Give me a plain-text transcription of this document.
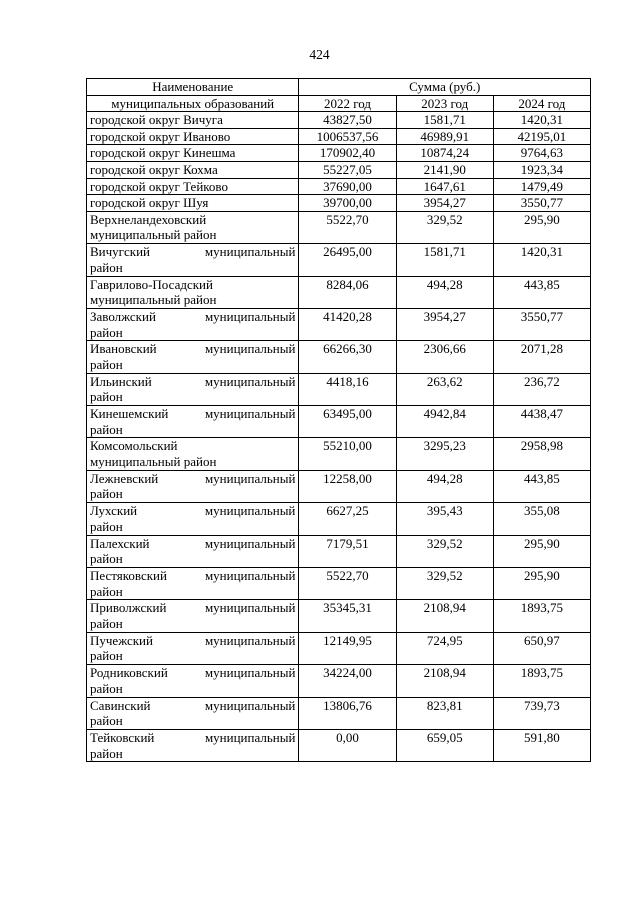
424
Наименование	Сумма (руб.)		
муниципальных образований	2022 год	2023 год	2024 год

городской округ Вичуга	43827,50	1581,71	1420,31

городской округ Иваново	1006537,56	46989,91	42195,01

городской округ Кинешма	170902,40	10874,24	9764,63

городской округ Кохма	55227,05	2141,90	1923,34

городской округ Тейково	37690,00	1647,61	1479,49

городской округ Шуя	39700,00	3954,27	3550,77

Верхнеландеховский
муниципальный район	5522,70	329,52	295,90

Вичугский муниципальный
район	26495,00	1581,71	1420,31

Гаврилово-Посадский
муниципальный район	8284,06	494,28	443,85

Заволжский муниципальный
район	41420,28	3954,27	3550,77

Ивановский муниципальный
район	66266,30	2306,66	2071,28

Ильинский муниципальный
район	4418,16	263,62	236,72

Кинешемский муниципальный
район	63495,00	4942,84	4438,47

Комсомольский
муниципальный район	55210,00	3295,23	2958,98

Лежневский муниципальный
район	12258,00	494,28	443,85

Лухский муниципальный
район	6627,25	395,43	355,08

Палехский муниципальный
район	7179,51	329,52	295,90

Пестяковский муниципальный
район	5522,70	329,52	295,90

Приволжский муниципальный
район	35345,31	2108,94	1893,75

Пучежский муниципальный
район	12149,95	724,95	650,97

Родниковский муниципальный
район	34224,00	2108,94	1893,75

Савинский муниципальный
район	13806,76	823,81	739,73

Тейковский муниципальный
район	0,00	659,05	591,80
